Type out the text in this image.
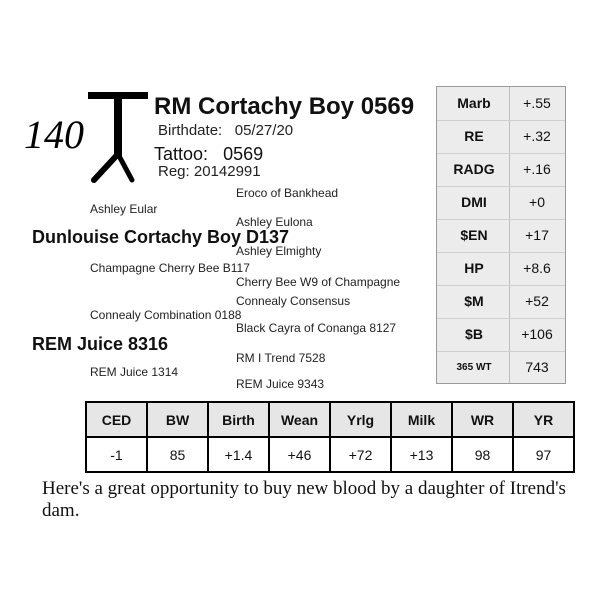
140
RM Cortachy Boy 0569
Birthdate: 05/27/20
Tattoo: 0569
Reg: 20142991
Eroco of Bankhead
Ashley Eular
Ashley Eulona
Dunlouise Cortachy Boy D137
Ashley Elmighty
Champagne Cherry Bee B117
Cherry Bee W9 of Champagne
Connealy Consensus
Connealy Combination 0188
Black Cayra of Conanga 8127
REM Juice 8316
RM I Trend 7528
REM Juice 1314
REM Juice 9343
Marb	+.55
RE	+.32
RADG	+.16
DMI	+0
$EN	+17
HP	+8.6
$M	+52
$B	+106
365 WT	743
CED	BW	Birth	Wean	Yrlg	Milk	WR	YR
-1	85	+1.4	+46	+72	+13	98	97
Here's a great opportunity to buy new blood by a daughter of Itrend's dam.
